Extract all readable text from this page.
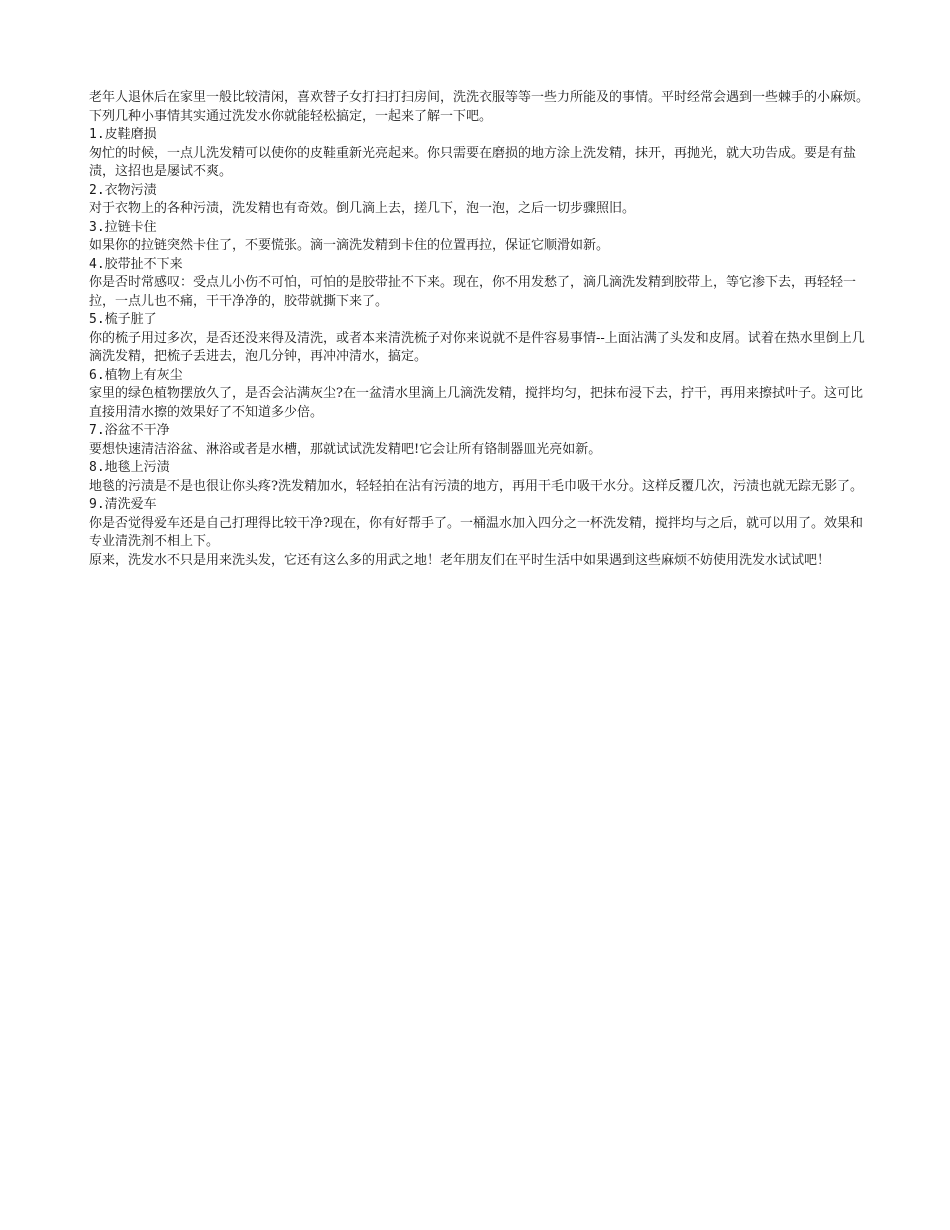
老年人退休后在家里一般比较清闲，喜欢替子女打扫打扫房间，洗洗衣服等等一些力所能及的事情。平时经常会遇到一些棘手的小麻烦。下列几种小事情其实通过洗发水你就能轻松搞定，一起来了解一下吧。

1.皮鞋磨损

匆忙的时候，一点儿洗发精可以使你的皮鞋重新光亮起来。你只需要在磨损的地方涂上洗发精，抹开，再抛光，就大功告成。要是有盐渍，这招也是屡试不爽。

2.衣物污渍

对于衣物上的各种污渍，洗发精也有奇效。倒几滴上去，搓几下，泡一泡，之后一切步骤照旧。

3.拉链卡住

如果你的拉链突然卡住了，不要慌张。滴一滴洗发精到卡住的位置再拉，保证它顺滑如新。

4.胶带扯不下来

你是否时常感叹：受点儿小伤不可怕，可怕的是胶带扯不下来。现在，你不用发愁了，滴几滴洗发精到胶带上，等它渗下去，再轻轻一拉，一点儿也不痛，干干净净的，胶带就撕下来了。

5.梳子脏了

你的梳子用过多次，是否还没来得及清洗，或者本来清洗梳子对你来说就不是件容易事情--上面沾满了头发和皮屑。试着在热水里倒上几滴洗发精，把梳子丢进去，泡几分钟，再冲冲清水，搞定。

6.植物上有灰尘

家里的绿色植物摆放久了，是否会沾满灰尘?在一盆清水里滴上几滴洗发精，搅拌均匀，把抹布浸下去，拧干，再用来擦拭叶子。这可比直接用清水擦的效果好了不知道多少倍。

7.浴盆不干净

要想快速清洁浴盆、淋浴或者是水槽，那就试试洗发精吧!它会让所有铬制器皿光亮如新。

8.地毯上污渍

地毯的污渍是不是也很让你头疼?洗发精加水，轻轻拍在沾有污渍的地方，再用干毛巾吸干水分。这样反覆几次，污渍也就无踪无影了。

9.清洗爱车

你是否觉得爱车还是自己打理得比较干净?现在，你有好帮手了。一桶温水加入四分之一杯洗发精，搅拌均与之后，就可以用了。效果和专业清洗剂不相上下。

原来，洗发水不只是用来洗头发，它还有这么多的用武之地！老年朋友们在平时生活中如果遇到这些麻烦不妨使用洗发水试试吧！
